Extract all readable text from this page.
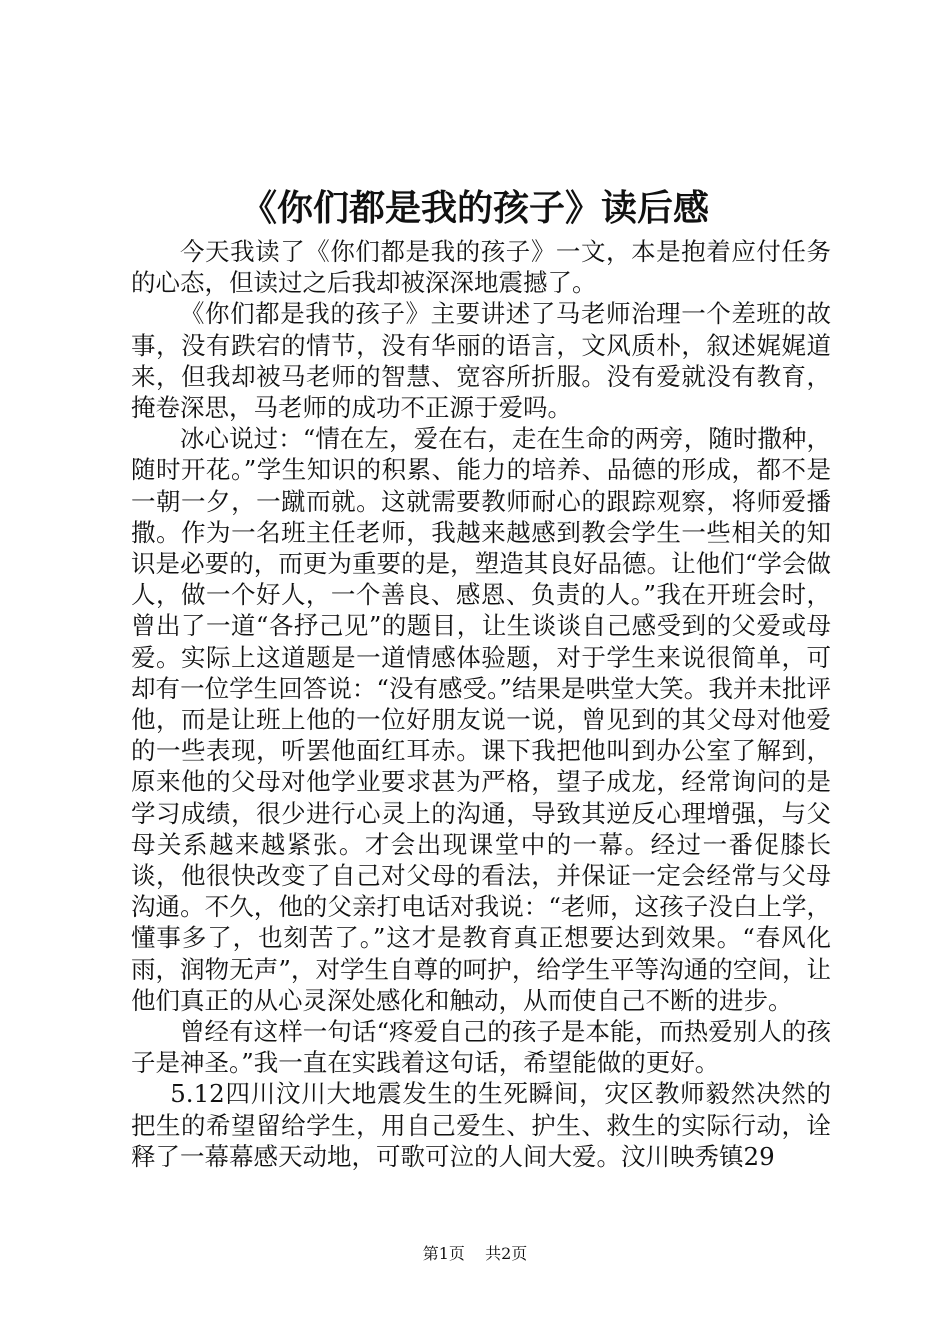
《你们都是我的孩子》读后感

今天我读了《你们都是我的孩子》一文，本是抱着应付任务的心态，但读过之后我却被深深地震撼了。

《你们都是我的孩子》主要讲述了马老师治理一个差班的故事，没有跌宕的情节，没有华丽的语言，文风质朴，叙述娓娓道来，但我却被马老师的智慧、宽容所折服。没有爱就没有教育，掩卷深思，马老师的成功不正源于爱吗。

冰心说过：“情在左，爱在右，走在生命的两旁，随时撒种，随时开花。”学生知识的积累、能力的培养、品德的形成，都不是一朝一夕，一蹴而就。这就需要教师耐心的跟踪观察，将师爱播撒。作为一名班主任老师，我越来越感到教会学生一些相关的知识是必要的，而更为重要的是，塑造其良好品德。让他们“学会做人，做一个好人，一个善良、感恩、负责的人。”我在开班会时，曾出了一道“各抒己见”的题目，让生谈谈自己感受到的父爱或母爱。实际上这道题是一道情感体验题，对于学生来说很简单，可却有一位学生回答说：“没有感受。”结果是哄堂大笑。我并未批评他，而是让班上他的一位好朋友说一说，曾见到的其父母对他爱的一些表现，听罢他面红耳赤。课下我把他叫到办公室了解到，原来他的父母对他学业要求甚为严格，望子成龙，经常询问的是学习成绩，很少进行心灵上的沟通，导致其逆反心理增强，与父母关系越来越紧张。才会出现课堂中的一幕。经过一番促膝长谈，他很快改变了自己对父母的看法，并保证一定会经常与父母沟通。不久，他的父亲打电话对我说：“老师，这孩子没白上学，懂事多了，也刻苦了。”这才是教育真正想要达到效果。“春风化雨，润物无声”，对学生自尊的呵护，给学生平等沟通的空间，让他们真正的从心灵深处感化和触动，从而使自己不断的进步。

曾经有这样一句话“疼爱自己的孩子是本能，而热爱别人的孩子是神圣。”我一直在实践着这句话，希望能做的更好。

5.12四川汶川大地震发生的生死瞬间，灾区教师毅然决然的把生的希望留给学生，用自己爱生、护生、救生的实际行动，诠释了一幕幕感天动地，可歌可泣的人间大爱。汶川映秀镇29

第1页 共2页
